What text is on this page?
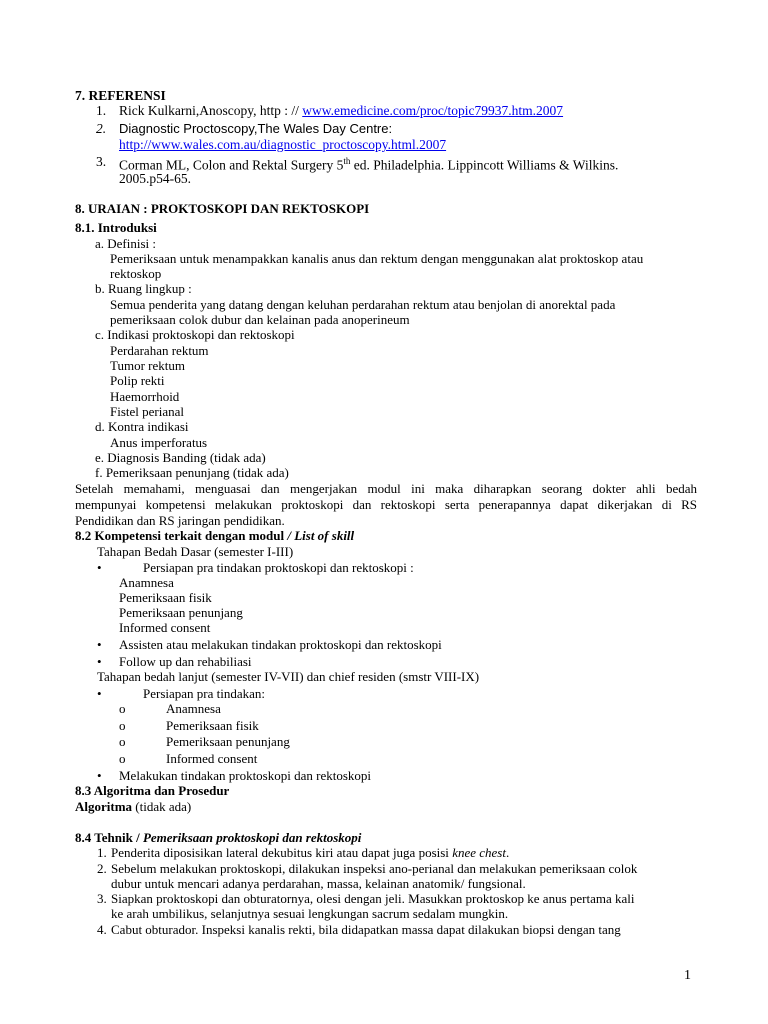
7. REFERENSI
1. Rick Kulkarni,Anoscopy, http : // www.emedicine.com/proc/topic79937.htm.2007
2. Diagnostic Proctoscopy,The Wales Day Centre:
http://www.wales.com.au/diagnostic_proctoscopy.html.2007
3. Corman ML, Colon and Rektal Surgery 5th ed. Philadelphia. Lippincott Williams & Wilkins.
2005.p54-65.
8. URAIAN : PROKTOSKOPI DAN REKTOSKOPI
8.1. Introduksi
a. Definisi :
Pemeriksaan untuk menampakkan kanalis anus dan rektum dengan menggunakan alat proktoskop atau
rektoskop
b. Ruang lingkup :
Semua penderita yang datang dengan keluhan perdarahan rektum atau benjolan di anorektal pada
pemeriksaan colok dubur dan kelainan pada anoperineum
c. Indikasi proktoskopi dan rektoskopi
Perdarahan rektum
Tumor rektum
Polip rekti
Haemorrhoid
Fistel perianal
d. Kontra indikasi
Anus imperforatus
e. Diagnosis Banding (tidak ada)
f. Pemeriksaan penunjang (tidak ada)
Setelah memahami, menguasai dan mengerjakan modul ini maka diharapkan seorang dokter ahli bedah
mempunyai kompetensi melakukan proktoskopi dan rektoskopi serta penerapannya dapat dikerjakan di RS
Pendidikan dan RS jaringan pendidikan.
8.2 Kompetensi terkait dengan modul / List of skill
Tahapan Bedah Dasar (semester I-III)
•	Persiapan pra tindakan proktoskopi dan rektoskopi :
Anamnesa
Pemeriksaan fisik
Pemeriksaan penunjang
Informed consent
• Assisten atau melakukan tindakan proktoskopi dan rektoskopi
• Follow up dan rehabiliasi
Tahapan bedah lanjut (semester IV-VII) dan chief residen (smstr VIII-IX)
•	Persiapan pra tindakan:
o	Anamnesa
o	Pemeriksaan fisik
o	Pemeriksaan penunjang
o	Informed consent
• Melakukan tindakan proktoskopi dan rektoskopi
8.3 Algoritma dan Prosedur
Algoritma (tidak ada)
8.4 Tehnik / Pemeriksaan proktoskopi dan rektoskopi
1. Penderita diposisikan lateral dekubitus kiri atau dapat juga posisi knee chest.
2. Sebelum melakukan proktoskopi, dilakukan inspeksi ano-perianal dan melakukan pemeriksaan colok
dubur untuk mencari adanya perdarahan, massa, kelainan anatomik/ fungsional.
3. Siapkan proktoskopi dan obturatornya, olesi dengan jeli. Masukkan proktoskop ke anus pertama kali
ke arah umbilikus, selanjutnya sesuai lengkungan sacrum sedalam mungkin.
4. Cabut obturador. Inspeksi kanalis rekti, bila didapatkan massa dapat dilakukan biopsi dengan tang
1
